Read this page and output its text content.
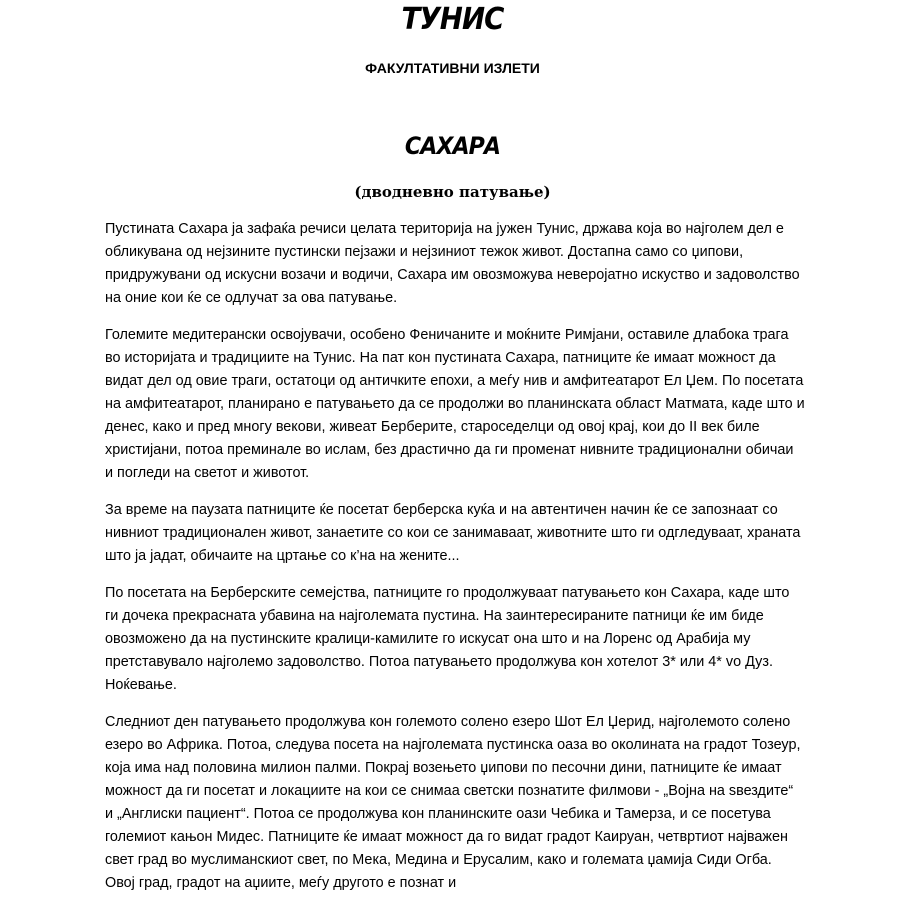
ТУНИС
ФАКУЛТАТИВНИ ИЗЛЕТИ
САХАРА
(дводневно патување)

Пустината Сахара ја зафаќа речиси целата територија на јужен Тунис, држава која во најголем дел е обликувана од нејзините пустински пејзажи и нејзиниот тежок живот. Достапна само со џипови, придружувани од искусни возачи и водичи, Сахара им овозможува неверојатно искуство и задоволство на оние кои ќе се одлучат за ова патување.

Големите медитерански освојувачи, особено Феничаните и моќните Римјани, оставиле длабока трага во историјата и традициите на Тунис. На пат кон пустината Сахара, патниците ќе имаат можност да видат дел од овие траги, остатоци од античките епохи, а меѓу нив и амфитеатарот Ел Џем. По посетата на амфитеатарот, планирано е патувањето да се продолжи во планинската област Матмата, каде што и денес, како и пред многу векови, живеат Берберите, староседелци од овој крај, кои до II век биле христијани, потоа преминале во ислам, без драстично да ги променат нивните традиционални обичаи и погледи на светот и животот.

За време на паузата патниците ќе посетат берберска куќа и на автентичен начин ќе се запознаат со нивниот традиционален живот, занаетите со кои се занимаваат, животните што ги одгледуваат, храната што ја јадат, обичаите на цртање со к’на на жените...

По посетата на Берберските семејства, патниците го продолжуваат патувањето кон Сахара, каде што ги дочека прекрасната убавина на најголемата пустина. На заинтересираните патници ќе им биде овозможено да на пустинските кралици-камилите го искусат она што и на Лоренс од Арабија му претставувало најголемо задоволство. Потоа патувањето продолжува кон хотелот 3* или 4* vo Дуз. Ноќевање.

Следниот ден патувањето продолжува кон големото солено езеро Шот Ел Џерид, најголемото солено езеро во Африка. Потоа, следува посета на најголемата пустинска оаза во околината на градот Тозеур, која има над половина милион палми. Покрај возењето џипови по песочни дини, патниците ќе имаат можност да ги посетат и локациите на кои се снимаа светски познатите филмови - „Војна на ѕвездите“ и „Англиски пациент“. Потоа се продолжува кон планинските оази Чебика и Тамерза, и се посетува големиот кањон Мидес. Патниците ќе имаат можност да го видат градот Каируан, четвртиот најважен свет град во муслиманскиот свет, по Мека, Медина и Ерусалим, како и големата џамија Сиди Огба. Овој град, градот на аџиите, меѓу другото е познат и
